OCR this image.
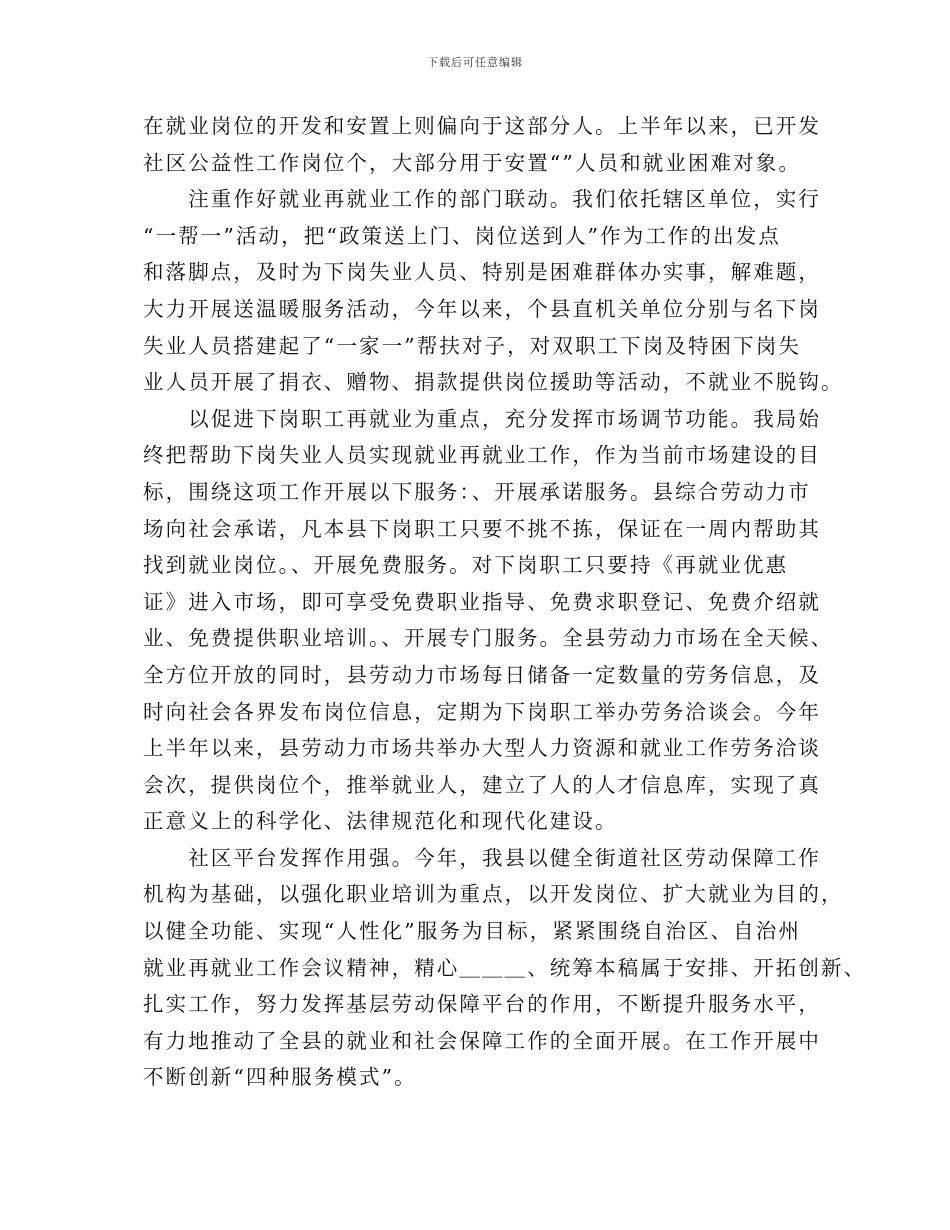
下载后可任意编辑
在就业岗位的开发和安置上则偏向于这部分人。上半年以来，已开发
社区公益性工作岗位个，大部分用于安置“”人员和就业困难对象。
　　注重作好就业再就业工作的部门联动。我们依托辖区单位，实行
“一帮一”活动，把“政策送上门、岗位送到人”作为工作的出发点
和落脚点，及时为下岗失业人员、特别是困难群体办实事，解难题，
大力开展送温暖服务活动，今年以来，个县直机关单位分别与名下岗
失业人员搭建起了“一家一”帮扶对子，对双职工下岗及特困下岗失
业人员开展了捐衣、赠物、捐款提供岗位援助等活动，不就业不脱钩。
　　以促进下岗职工再就业为重点，充分发挥市场调节功能。我局始
终把帮助下岗失业人员实现就业再就业工作，作为当前市场建设的目
标，围绕这项工作开展以下服务：、开展承诺服务。县综合劳动力市
场向社会承诺，凡本县下岗职工只要不挑不拣，保证在一周内帮助其
找到就业岗位。、开展免费服务。对下岗职工只要持《再就业优惠
证》进入市场，即可享受免费职业指导、免费求职登记、免费介绍就
业、免费提供职业培训。、开展专门服务。全县劳动力市场在全天候、
全方位开放的同时，县劳动力市场每日储备一定数量的劳务信息，及
时向社会各界发布岗位信息，定期为下岗职工举办劳务洽谈会。今年
上半年以来，县劳动力市场共举办大型人力资源和就业工作劳务洽谈
会次，提供岗位个，推举就业人，建立了人的人才信息库，实现了真
正意义上的科学化、法律规范化和现代化建设。
　　社区平台发挥作用强。今年，我县以健全街道社区劳动保障工作
机构为基础，以强化职业培训为重点，以开发岗位、扩大就业为目的，
以健全功能、实现“人性化”服务为目标，紧紧围绕自治区、自治州
就业再就业工作会议精神，精心＿＿＿、统筹本稿属于安排、开拓创新、
扎实工作，努力发挥基层劳动保障平台的作用，不断提升服务水平，
有力地推动了全县的就业和社会保障工作的全面开展。在工作开展中
不断创新“四种服务模式”。
